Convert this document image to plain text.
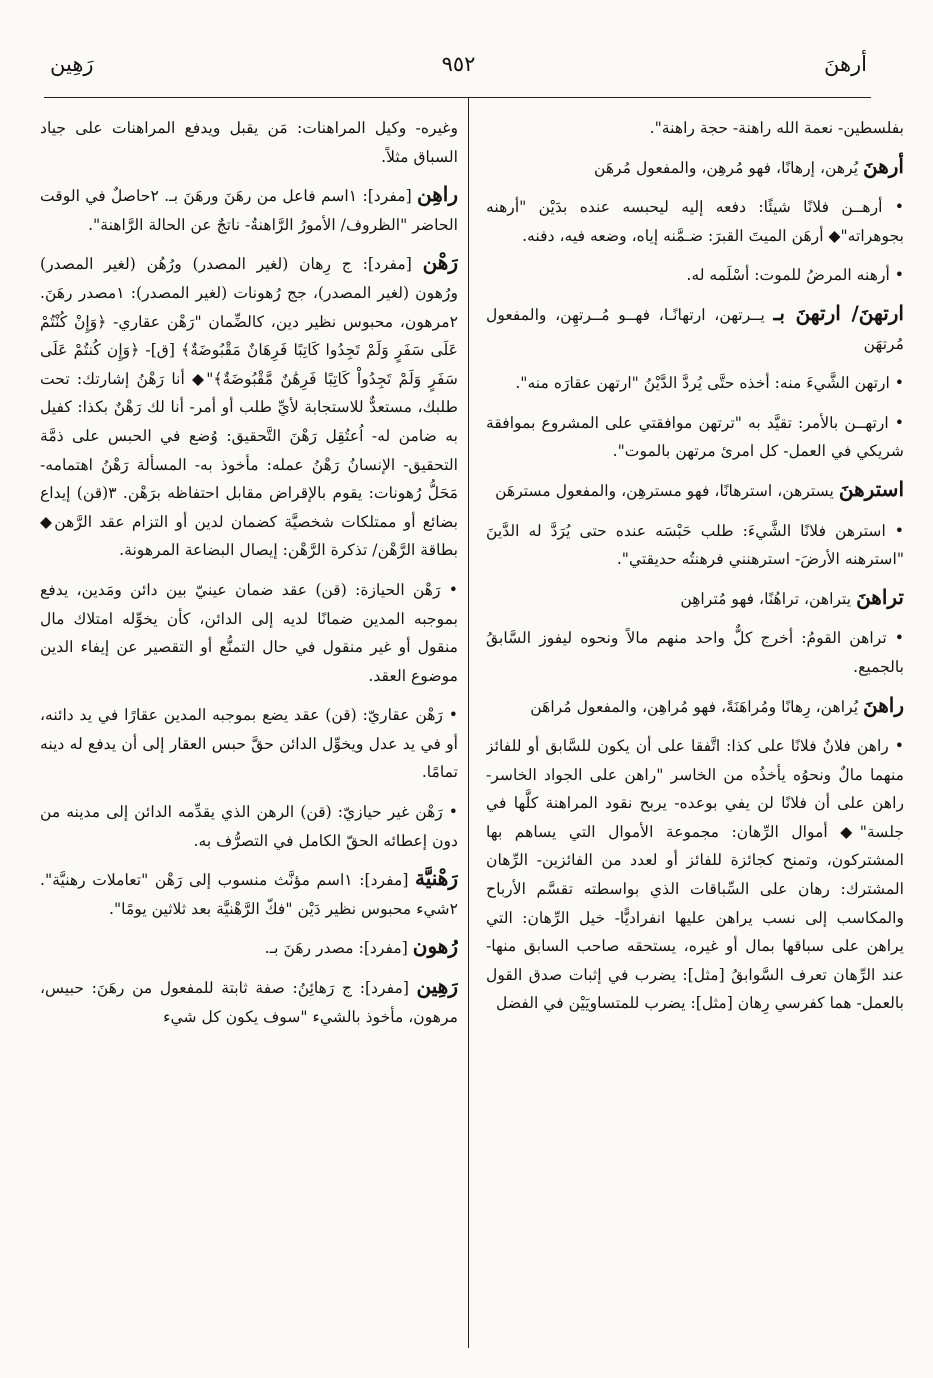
أرهنَ
٩٥٢
رَهِين

بفلسطين- نعمة الله راهنة- حجة راهنة".

أرهنَ يُرهن، إرهانًا، فهو مُرهِن، والمفعول مُرهَن

• أرهــن فلانًا شيئًا: دفعه إليه ليحبسه عنده بدَيْن "أرهنه بجوهراته"◆ أرهَن الميتَ القبرَ: ضـمَّنه إياه، وضعه فيه، دفنه.

• أرهنه المرضُ للموت: أسْلَمه له.

ارتهنَ/ ارتهنَ بـ يــرتهن، ارتهانًـا، فهــو مُــرتهِن، والمفعول مُرتهَن

• ارتهن الشَّيءَ منه: أخذه حتَّى يُردَّ الدَّيْنُ "ارتهن عقارَه منه".

• ارتهــن بالأمر: تقيَّد به "ترتهن موافقتي على المشروع بموافقة شريكي في العمل- كل امرئ مرتهن بالموت".

استرهنَ يسترهن، استرهانًا، فهو مسترهِن، والمفعول مسترهَن

• استرهن فلانًا الشَّيءَ: طلب حَبْسَه عنده حتى يُرَدَّ له الدَّينَ "استرهنه الأرضَ- استرهنني فرهنتُه حديقتي".

تراهنَ يتراهن، تراهُنًا، فهو مُتراهِن

• تراهن القومُ: أخرج كلٌّ واحد منهم مالاً ونحوه ليفوز السَّابقُ بالجميع.

راهنَ يُراهن، رِهانًا ومُراهَنَةً، فهو مُراهِن، والمفعول مُراهَن

• راهن فلانٌ فلانًا على كذا: اتَّفقا على أن يكون للسَّابق أو للفائز منهما مالٌ ونحوُه يأخذُه من الخاسر "راهن على الجواد الخاسر- راهن على أن فلانًا لن يفي بوعده- يربح نقود المراهنة كلَّها في جلسة"◆ أموال الرِّهان: مجموعة الأموال التي يساهم بها المشتركون، وتمنح كجائزة للفائز أو لعدد من الفائزين- الرِّهان المشترك: رهان على السِّباقات الذي بواسطته تقسَّم الأرباح والمكاسب إلى نسب يراهن عليها انفراديًّا- خيل الرِّهان: التي يراهن على سباقها بمال أو غيره، يستحقه صاحب السابق منها- عند الرِّهان تعرف السَّوابقُ [مثل]: يضرب في إثبات صدق القول بالعمل- هما كفرسي رِهان [مثل]: يضرب للمتساويَيْن في الفضل

وغيره- وكيل المراهنات: مَن يقبل ويدفع المراهنات على جياد السباق مثلاً.

راهِن [مفرد]: ١اسم فاعل من رهَنَ ورهَنَ بـ. ٢حاصلٌ في الوقت الحاضر "الظروف/ الأمورُ الرَّاهنةُ- ناتجٌ عن الحالة الرَّاهنة".

رَهْن [مفرد]: ج رِهان (لغير المصدر) ورُهُن (لغير المصدر) ورُهون (لغير المصدر)، جج رُهونات (لغير المصدر): ١مصدر رهَنَ. ٢مرهون، محبوس نظير دين، كالضِّمان "رَهْن عقاري- ﴿وَإِنْ كُنْتُمْ عَلَى سَفَرٍ وَلَمْ تَجِدُوا كَاتِبًا فَرِهَانٌ مَقْبُوضَةٌ﴾ [ق]- ﴿وَإِن كُنتُمْ عَلَى سَفَرٍ وَلَمْ تَجِدُواْ كَاتِبًا فَرِهَٰنٌ مَّقْبُوضَةٌ﴾"◆ أنا رَهْنُ إشارتك: تحت طلبك، مستعدٌّ للاستجابة لأيِّ طلب أو أمر- أنا لك رَهْنٌ بكذا: كفيل به ضامن له- اُعتُقِل رَهْنَ التَّحقيق: وُضع في الحبس على ذمَّة التحقيق- الإنسانُ رَهْنُ عمله: مأخوذ به- المسألة رَهْنُ اهتمامه- مَحَلُّ رُهونات: يقوم بالإقراض مقابل احتفاظه برَهْن. ٣(قن) إيداع بضائع أو ممتلكات شخصيَّة كضمان لدين أو التزام عقد الرَّهن◆ بطاقة الرَّهْن/ تذكرة الرَّهْن: إيصال البضاعة المرهونة.

• رَهْن الحيازة: (قن) عقد ضمان عينيّ بين دائن ومَدين، يدفع بموجبه المدين ضمانًا لديه إلى الدائن، كأن يخوِّله امتلاك مال منقول أو غير منقول في حال التمنُّع أو التقصير عن إيفاء الدين موضوع العقد.

• رَهْن عقاريّ: (قن) عقد يضع بموجبه المدين عقارًا في يد دائنه، أو في يد عدل ويخوِّل الدائن حقَّ حبس العقار إلى أن يدفع له دينه تمامًا.

• رَهْن غير حيازيّ: (قن) الرهن الذي يقدِّمه الدائن إلى مدينه من دون إعطائه الحقّ الكامل في التصرُّف به.

رَهْنيَّة [مفرد]: ١اسم مؤنَّث منسوب إلى رَهْن "تعاملات رهنيَّة". ٢شيء محبوس نظير دَيْن "فكّ الرَّهْنيَّة بعد ثلاثين يومًا".

رُهون [مفرد]: مصدر رهَنَ بـ.

رَهِين [مفرد]: ج رَهائِنُ: صفة ثابتة للمفعول من رهَنَ: حبيس، مرهون، مأخوذ بالشيء "سوف يكون كل شيء
